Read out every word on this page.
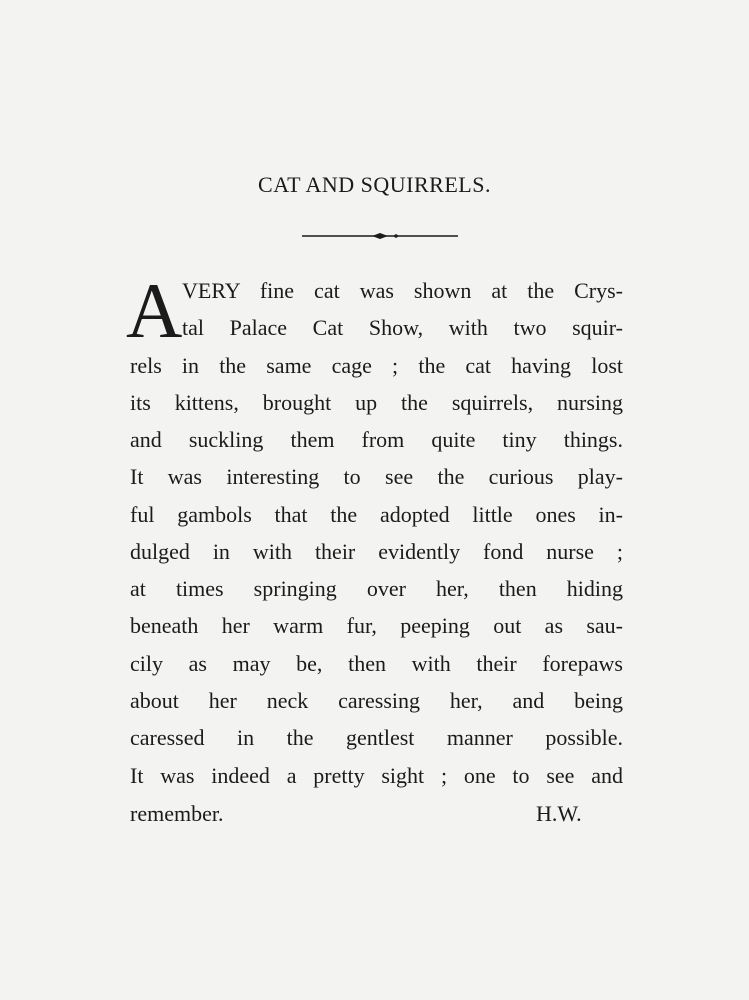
CAT AND SQUIRRELS.
A VERY fine cat was shown at the Crys-
tal Palace Cat Show, with two squir-
rels in the same cage ; the cat having lost
its kittens, brought up the squirrels, nursing
and suckling them from quite tiny things.
It was interesting to see the curious play-
ful gambols that the adopted little ones in-
dulged in with their evidently fond nurse ;
at times springing over her, then hiding
beneath her warm fur, peeping out as sau-
cily as may be, then with their forepaws
about her neck caressing her, and being
caressed in the gentlest manner possible.
It was indeed a pretty sight ; one to see and
remember.	H.W.
